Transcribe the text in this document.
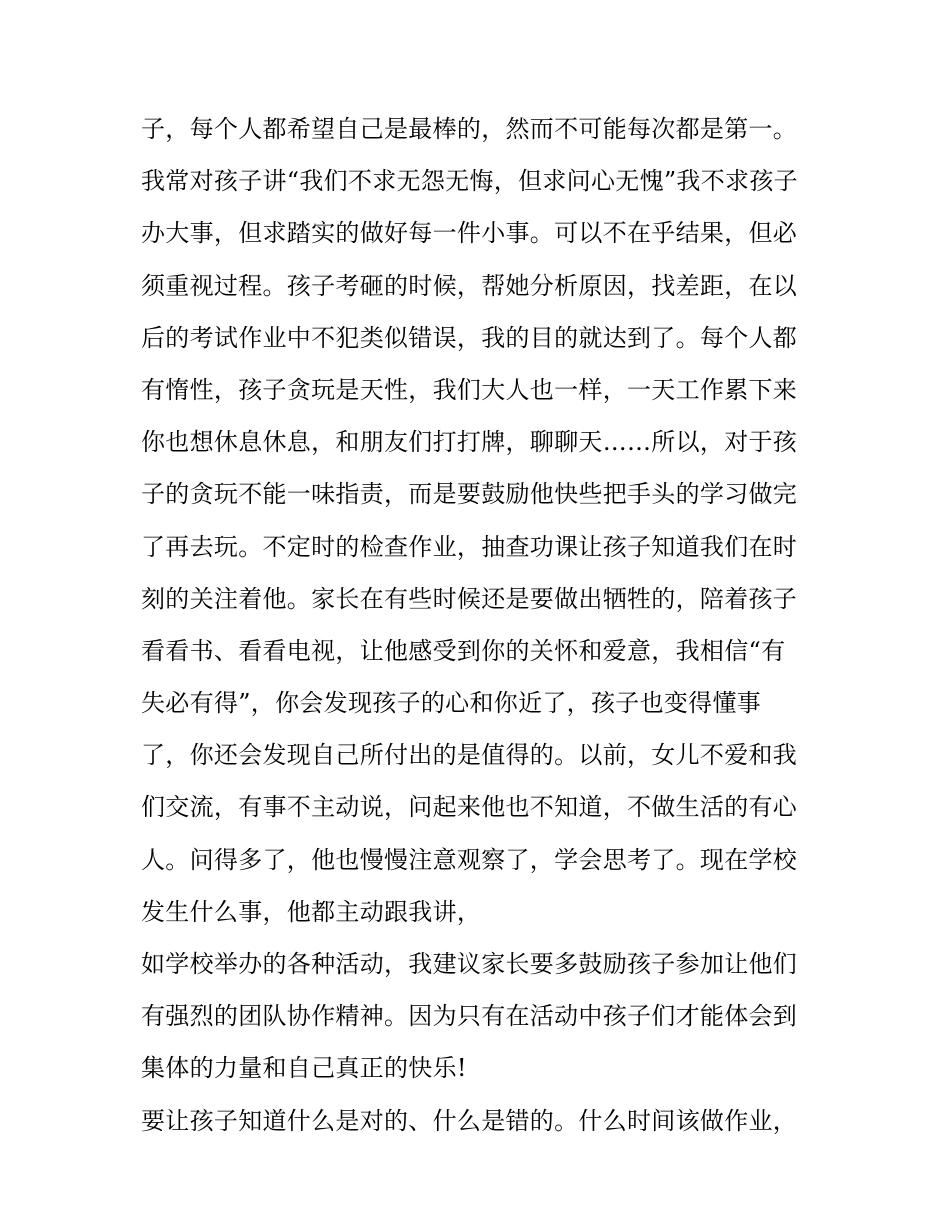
子，每个人都希望自己是最棒的，然而不可能每次都是第一。
我常对孩子讲“我们不求无怨无悔，但求问心无愧”我不求孩子
办大事，但求踏实的做好每一件小事。可以不在乎结果，但必
须重视过程。孩子考砸的时候，帮她分析原因，找差距，在以
后的考试作业中不犯类似错误，我的目的就达到了。每个人都
有惰性，孩子贪玩是天性，我们大人也一样，一天工作累下来
你也想休息休息，和朋友们打打牌，聊聊天……所以，对于孩
子的贪玩不能一味指责，而是要鼓励他快些把手头的学习做完
了再去玩。不定时的检查作业，抽查功课让孩子知道我们在时
刻的关注着他。家长在有些时候还是要做出牺牲的，陪着孩子
看看书、看看电视，让他感受到你的关怀和爱意，我相信“有
失必有得”，你会发现孩子的心和你近了，孩子也变得懂事
了，你还会发现自己所付出的是值得的。以前，女儿不爱和我
们交流，有事不主动说，问起来他也不知道，不做生活的有心
人。问得多了，他也慢慢注意观察了，学会思考了。现在学校
发生什么事，他都主动跟我讲，
如学校举办的各种活动，我建议家长要多鼓励孩子参加让他们
有强烈的团队协作精神。因为只有在活动中孩子们才能体会到
集体的力量和自己真正的快乐!
要让孩子知道什么是对的、什么是错的。什么时间该做作业，
